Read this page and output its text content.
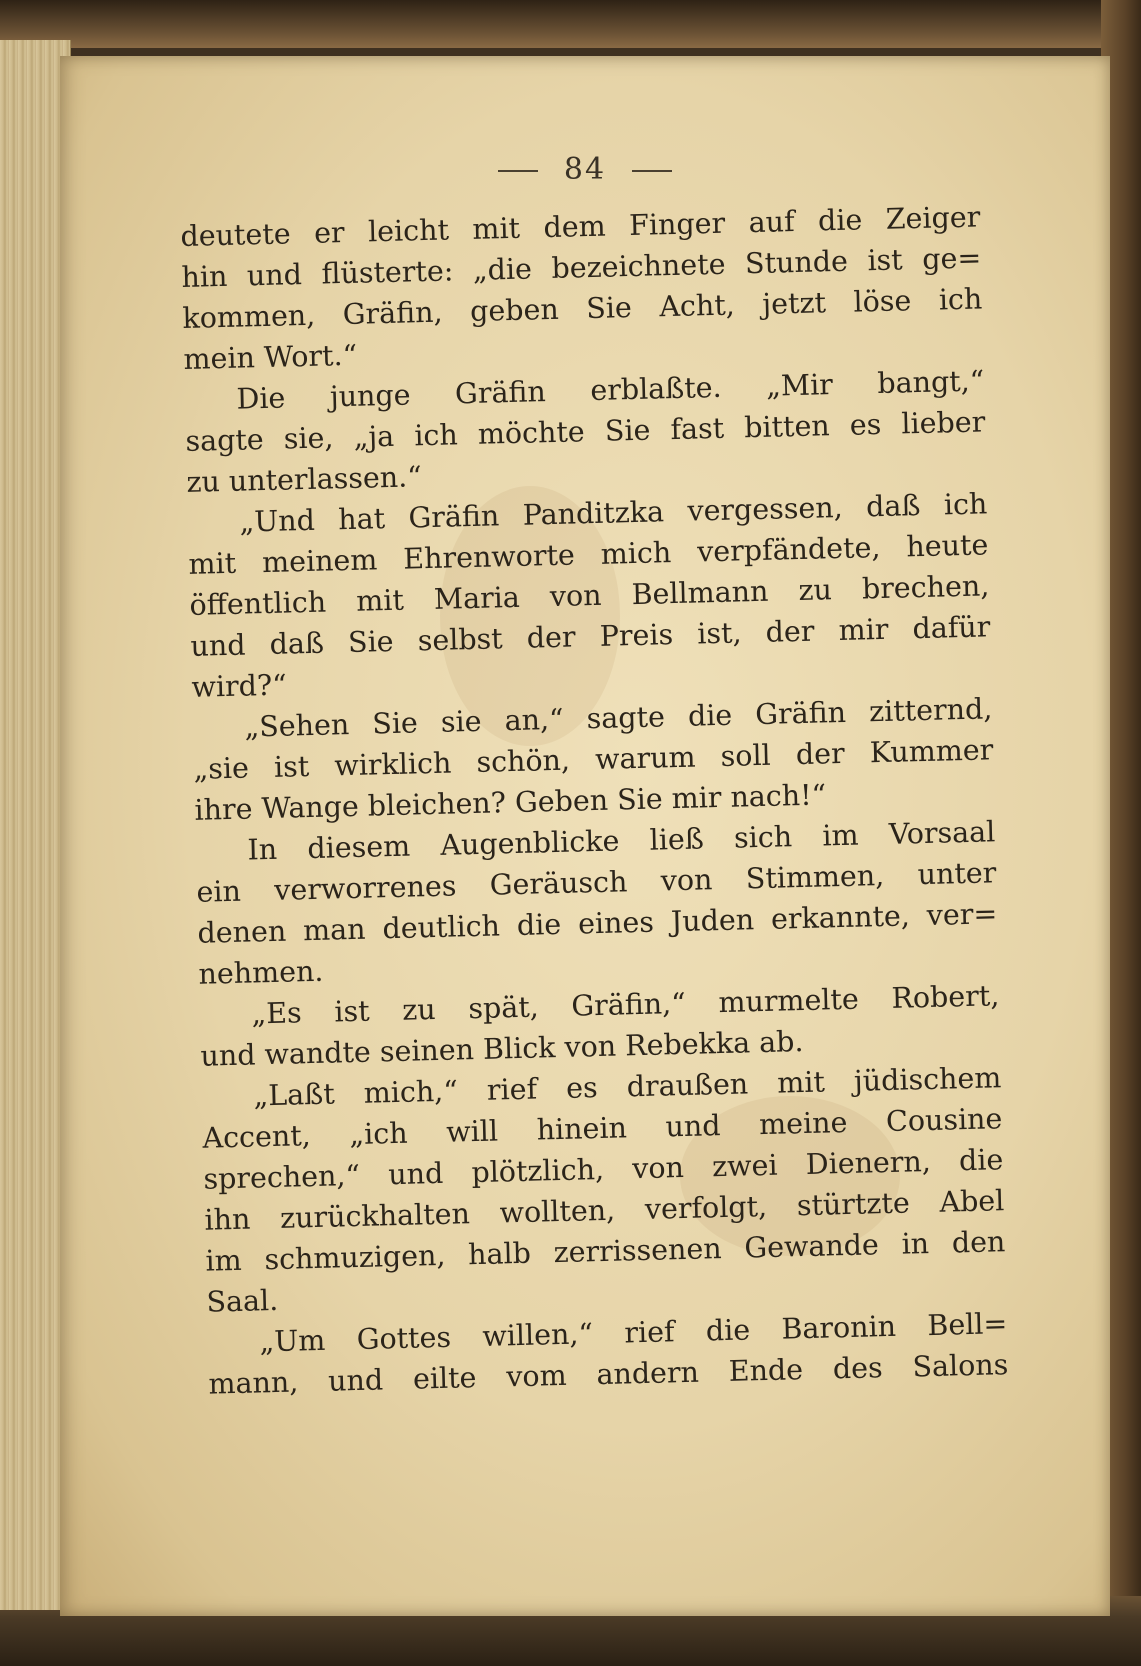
84
deutete er leicht mit dem Finger auf die Zeiger
hin und flüsterte: „die bezeichnete Stunde ist ge=
kommen, Gräfin, geben Sie Acht, jetzt löse ich
mein Wort.“
Die junge Gräfin erblaßte. „Mir bangt,“
sagte sie, „ja ich möchte Sie fast bitten es lieber
zu unterlassen.“
„Und hat Gräfin Panditzka vergessen, daß ich
mit meinem Ehrenworte mich verpfändete, heute
öffentlich mit Maria von Bellmann zu brechen,
und daß Sie selbst der Preis ist, der mir dafür
wird?“
„Sehen Sie sie an,“ sagte die Gräfin zitternd,
„sie ist wirklich schön, warum soll der Kummer
ihre Wange bleichen? Geben Sie mir nach!“
In diesem Augenblicke ließ sich im Vorsaal
ein verworrenes Geräusch von Stimmen, unter
denen man deutlich die eines Juden erkannte, ver=
nehmen.
„Es ist zu spät, Gräfin,“ murmelte Robert,
und wandte seinen Blick von Rebekka ab.
„Laßt mich,“ rief es draußen mit jüdischem
Accent, „ich will hinein und meine Cousine
sprechen,“ und plötzlich, von zwei Dienern, die
ihn zurückhalten wollten, verfolgt, stürtzte Abel
im schmuzigen, halb zerrissenen Gewande in den
Saal.
„Um Gottes willen,“ rief die Baronin Bell=
mann, und eilte vom andern Ende des Salons
